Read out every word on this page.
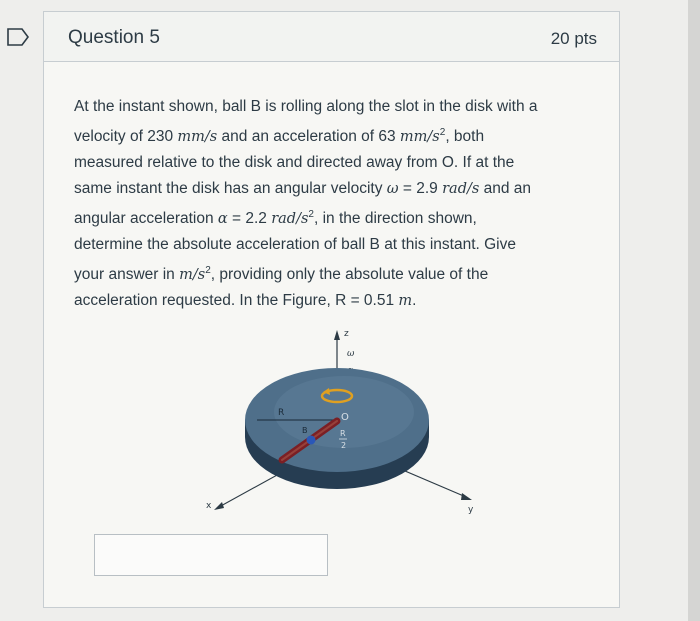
Question 5	20 pts

At the instant shown, ball B is rolling along the slot in the disk with a

velocity of 230 mm/s and an acceleration of 63 $mm/s^2$, both

measured relative to the disk and directed away from O. If at the

same instant the disk has an angular velocity ω = 2.9 rad/s and an

angular acceleration α = 2.2 rad/$s^2$, in the direction shown,

determine the absolute acceleration of ball B at this instant. Give

your answer in $m/s^2$, providing only the absolute value of the

acceleration requested. In the Figure, R = 0.51 m.

z
ω
x	y
R
B
O
R
2
